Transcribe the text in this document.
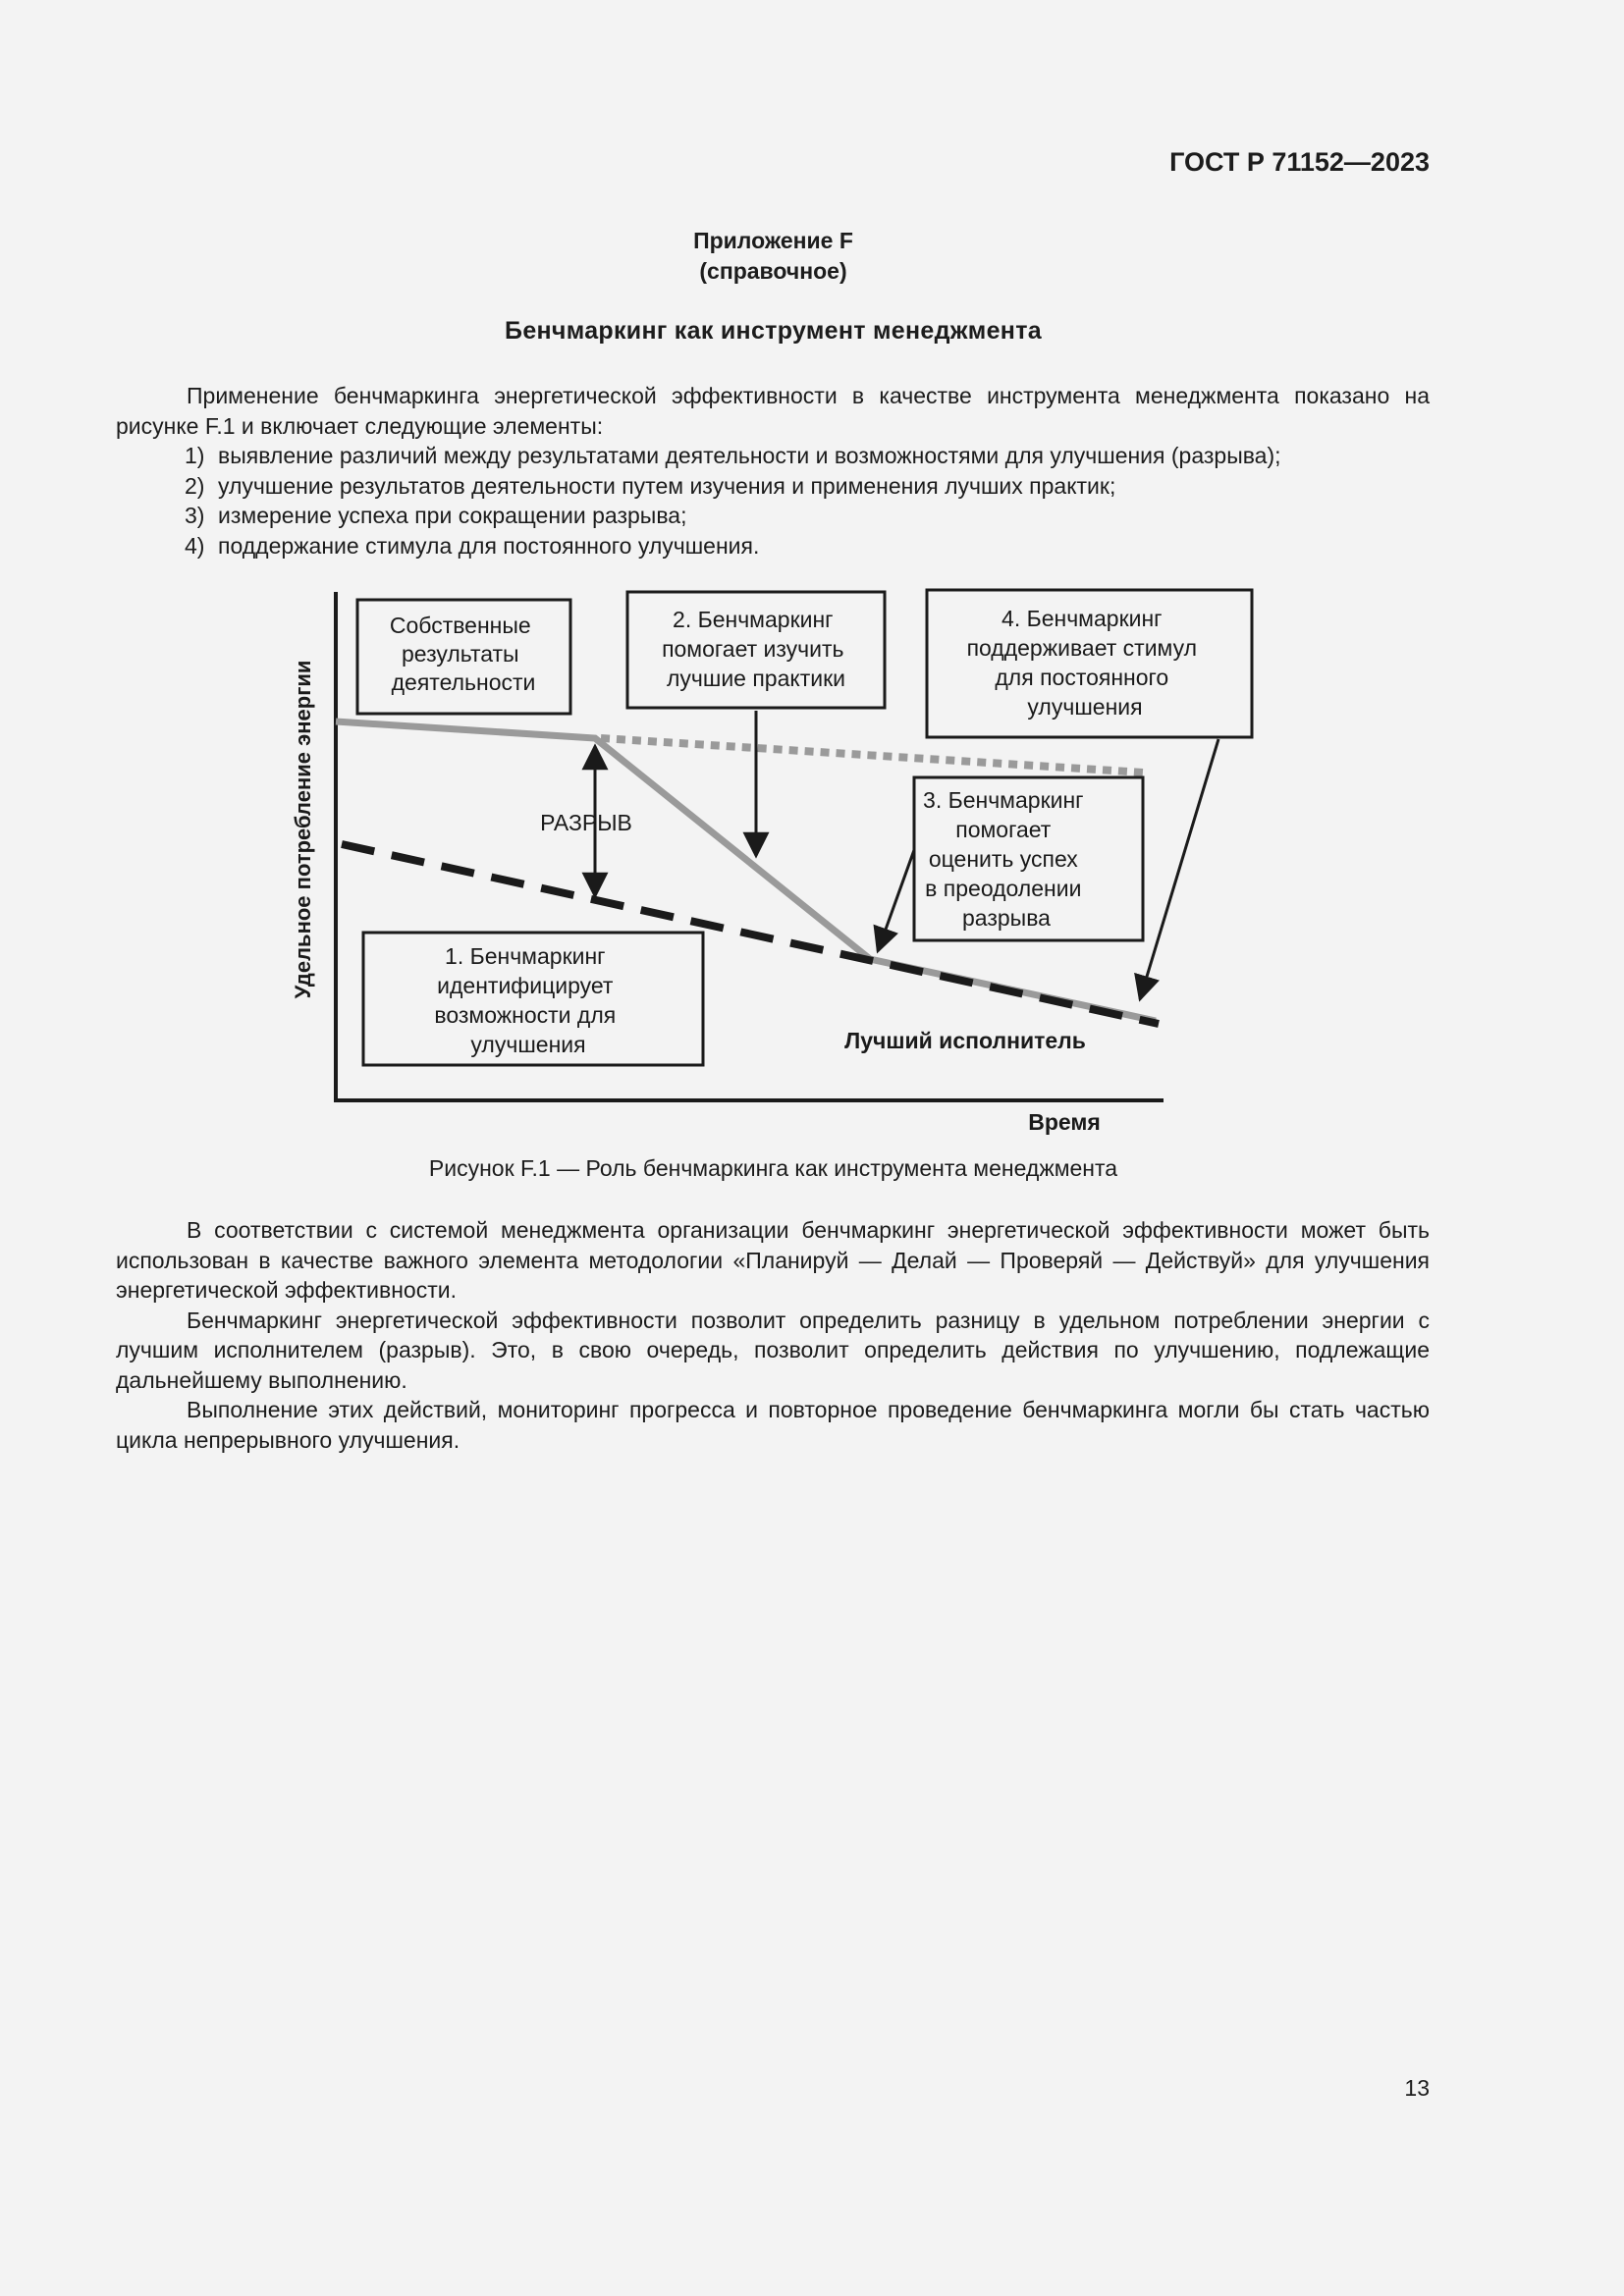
ГОСТ Р 71152—2023
Приложение F
(справочное)
Бенчмаркинг как инструмент менеджмента

Применение бенчмаркинга энергетической эффективности в качестве инструмента менеджмента показано на рисунке F.1 и включает следующие элементы:

1) выявление различий между результатами деятельности и возможностями для улучшения (разрыва);
2) улучшение результатов деятельности путем изучения и применения лучших практик;
3) измерение успеха при сокращении разрыва;
4) поддержание стимула для постоянного улучшения.
Удельное потребление энергии
Время
РАЗРЫВ
Лучший исполнитель
Собственные результаты деятельности
1. Бенчмаркинг идентифицирует возможности для улучшения
2. Бенчмаркинг помогает изучить лучшие практики
3. Бенчмаркинг помогает оценить успех в преодолении разрыва
4. Бенчмаркинг поддерживает стимул для постоянного улучшения
Рисунок F.1 — Роль бенчмаркинга как инструмента менеджмента

В соответствии с системой менеджмента организации бенчмаркинг энергетической эффективности может быть использован в качестве важного элемента методологии «Планируй — Делай — Проверяй — Действуй» для улучшения энергетической эффективности.

Бенчмаркинг энергетической эффективности позволит определить разницу в удельном потреблении энергии с лучшим исполнителем (разрыв). Это, в свою очередь, позволит определить действия по улучшению, подлежащие дальнейшему выполнению.

Выполнение этих действий, мониторинг прогресса и повторное проведение бенчмаркинга могли бы стать частью цикла непрерывного улучшения.

13
